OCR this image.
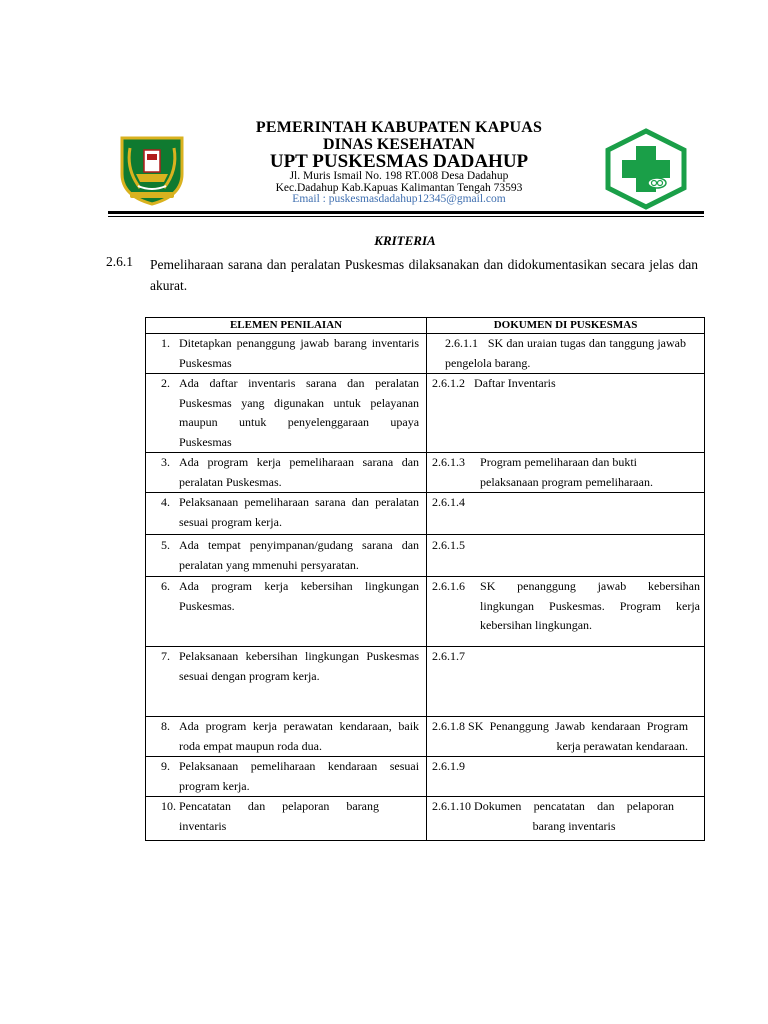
PEMERINTAH KABUPATEN KAPUAS
DINAS KESEHATAN
UPT PUSKESMAS DADAHUP
Jl. Muris Ismail No. 198 RT.008 Desa Dadahup
Kec.Dadahup Kab.Kapuas Kalimantan Tengah 73593
Email : puskesmasdadahup12345@gmail.com
KRITERIA
2.6.1 Pemeliharaan sarana dan peralatan Puskesmas dilaksanakan dan didokumentasikan secara jelas dan akurat.
ELEMEN PENILAIAN	DOKUMEN DI PUSKESMAS

1. Ditetapkan penanggung jawab barang inventaris Puskesmas	2.6.1.1 SK dan uraian tugas dan tanggung jawab pengelola barang.

2. Ada daftar inventaris sarana dan peralatan Puskesmas yang digunakan untuk pelayanan maupun untuk penyelenggaraan upaya Puskesmas	2.6.1.2 Daftar Inventaris

3. Ada program kerja pemeliharaan sarana dan peralatan Puskesmas.	2.6.1.3 Program pemeliharaan dan bukti pelaksanaan program pemeliharaan.

4. Pelaksanaan pemeliharaan sarana dan peralatan sesuai program kerja.	2.6.1.4

5. Ada tempat penyimpanan/gudang sarana dan peralatan yang mmenuhi persyaratan.	2.6.1.5

6. Ada program kerja kebersihan lingkungan Puskesmas.	2.6.1.6 SK penanggung jawab kebersihan lingkungan Puskesmas. Program kerja kebersihan lingkungan.

7. Pelaksanaan kebersihan lingkungan Puskesmas sesuai dengan program kerja.	2.6.1.7

8. Ada program kerja perawatan kendaraan, baik roda empat maupun roda dua.	2.6.1.8 SK Penanggung Jawab kendaraan Program kerja perawatan kendaraan.

9. Pelaksanaan pemeliharaan kendaraan sesuai program kerja.	2.6.1.9

10. Pencatatan dan pelaporan barang inventaris	2.6.1.10 Dokumen pencatatan dan pelaporan barang inventaris
